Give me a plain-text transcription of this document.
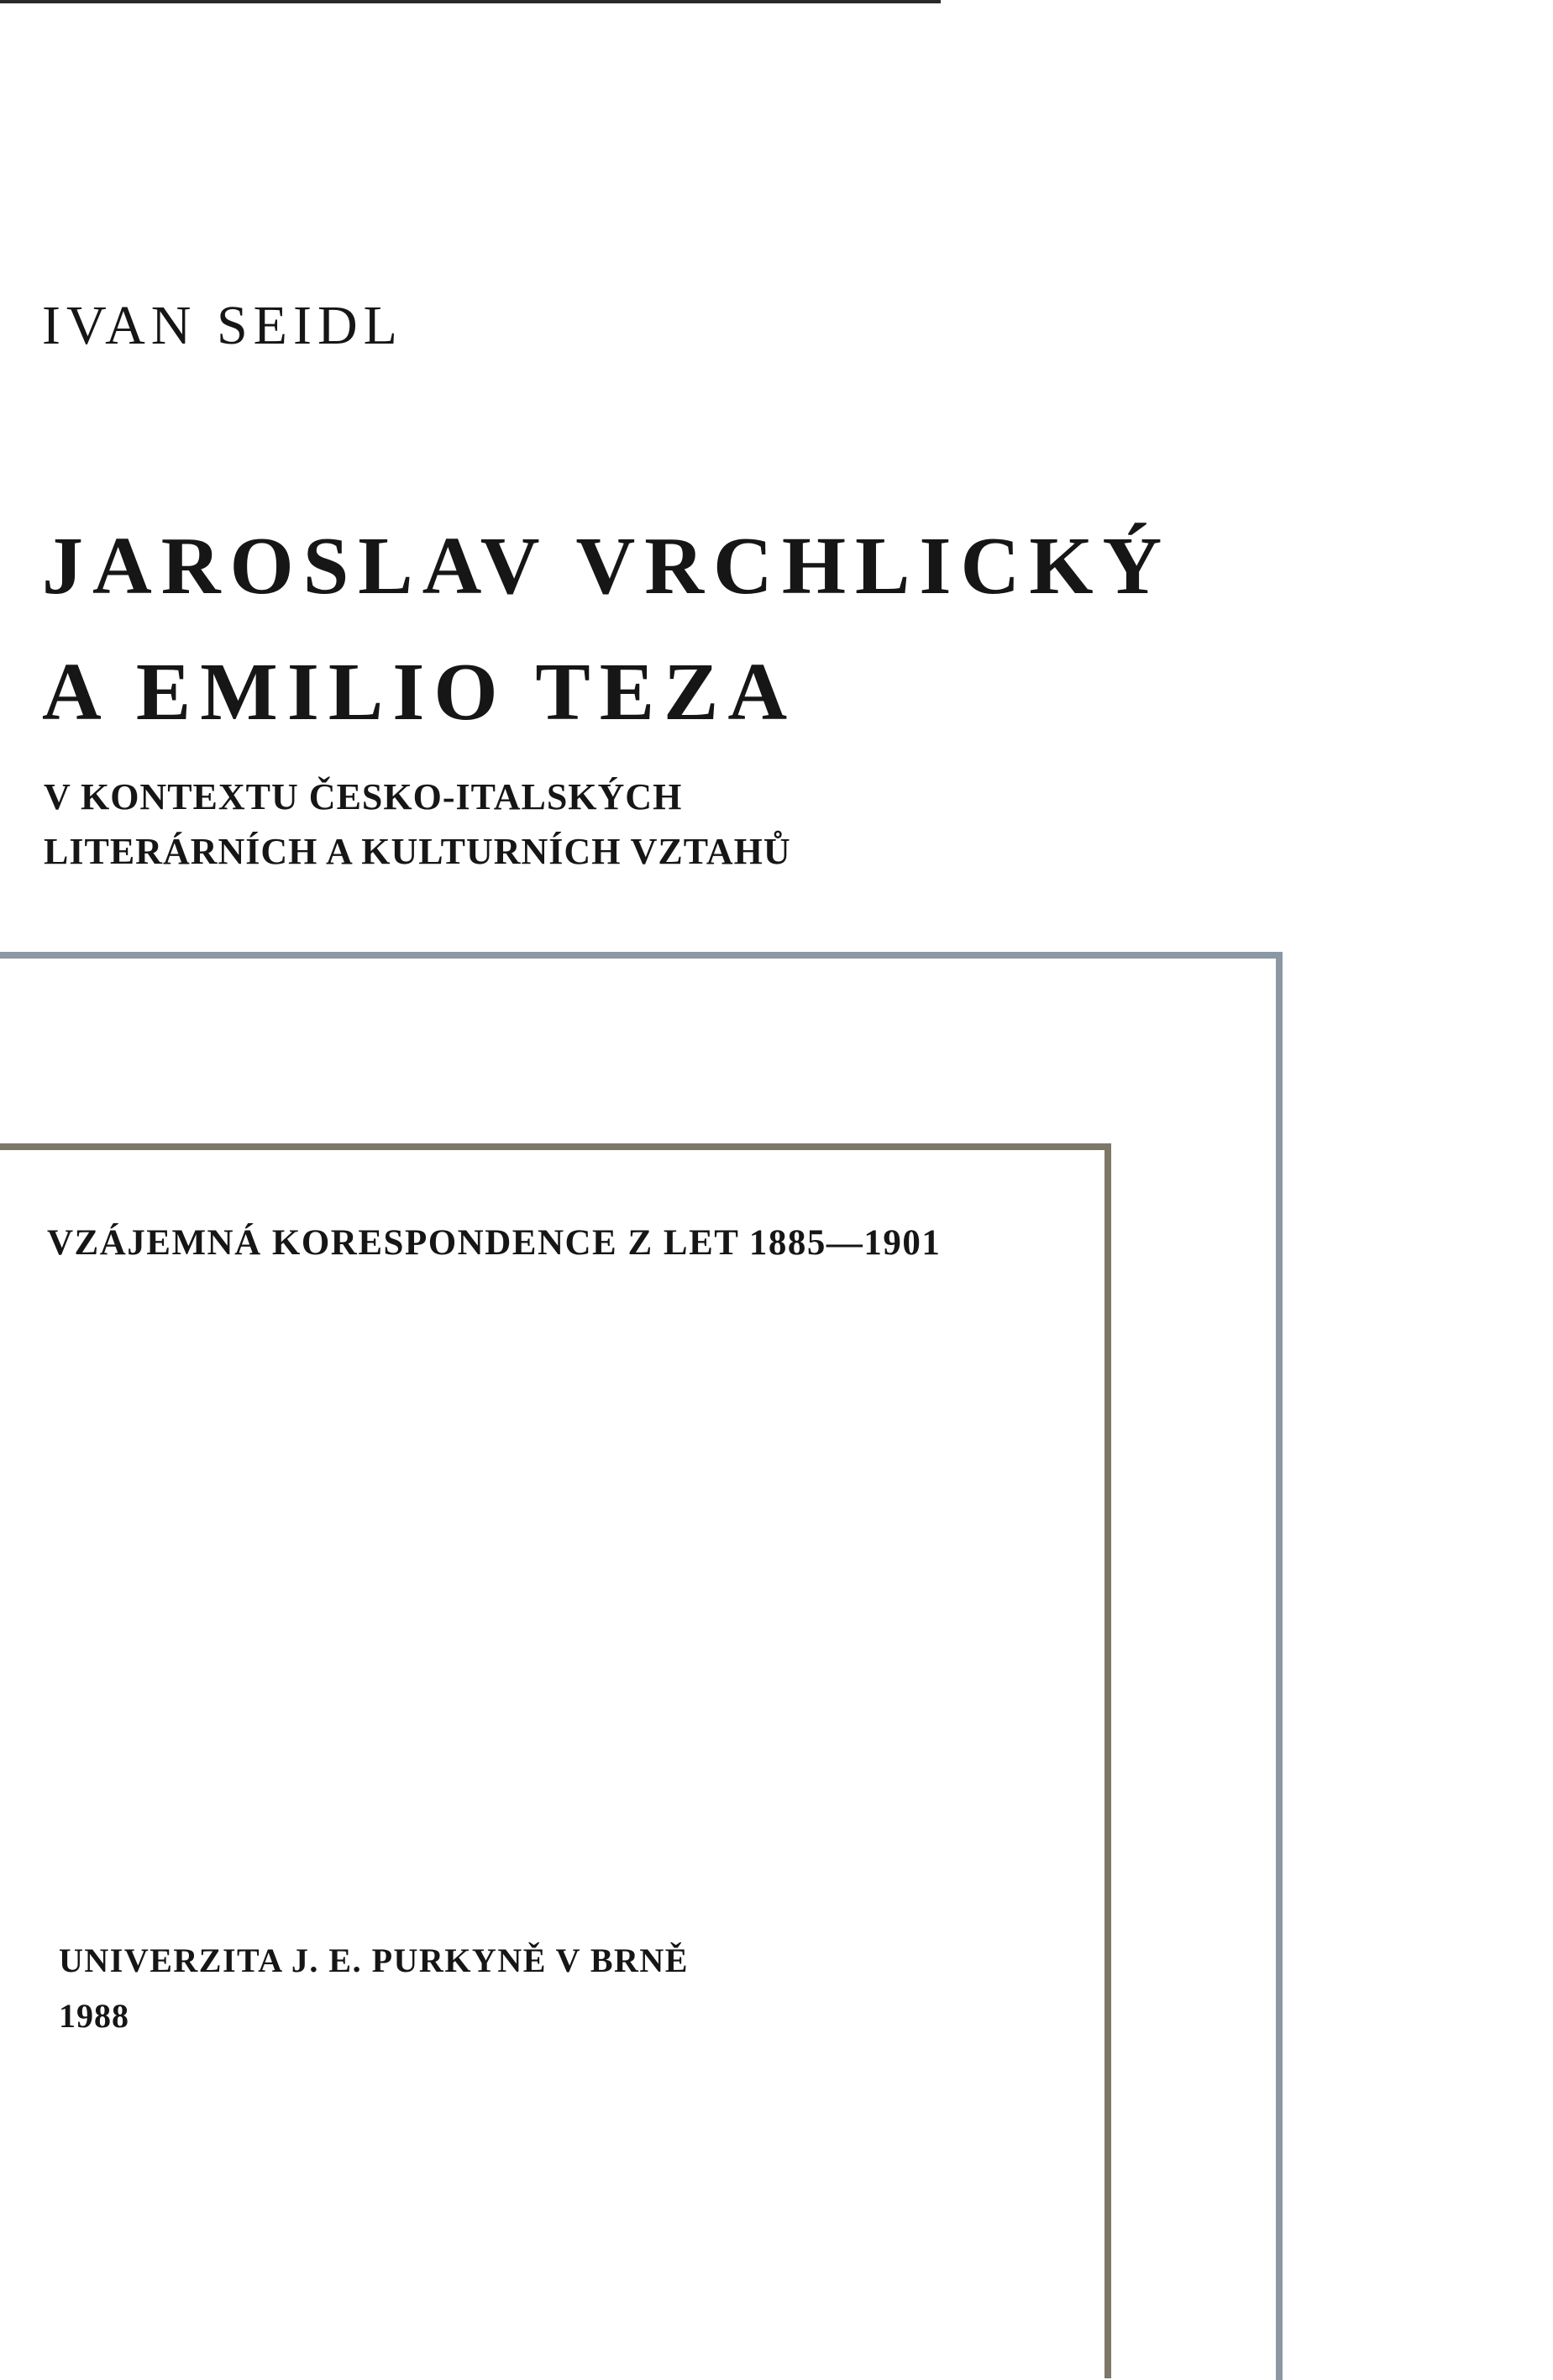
IVAN SEIDL
JAROSLAV VRCHLICKÝ
A EMILIO TEZA

V KONTEXTU ČESKO-ITALSKÝCH

LITERÁRNÍCH A KULTURNÍCH VZTAHŮ

VZÁJEMNÁ KORESPONDENCE Z LET 1885—1901

UNIVERZITA J. E. PURKYNĚ V BRNĚ

1988
